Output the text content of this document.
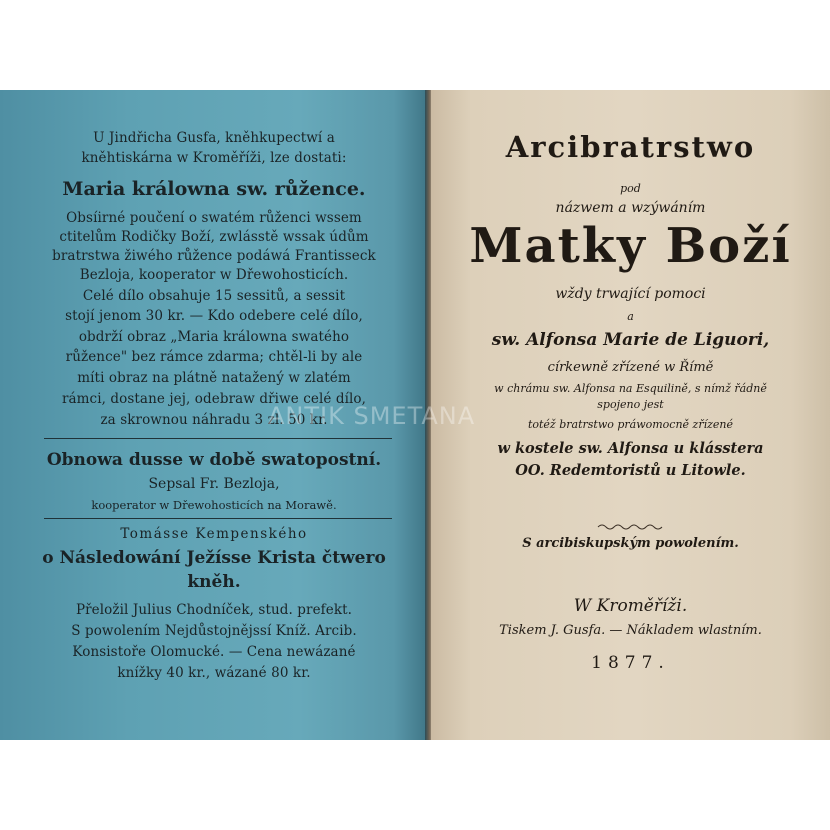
U Jindřicha Gusfa, kněhkupectwí a
kněhtiskárna w Kroměříži, lze dostati:
Maria králowna sw. růžence.
Obsíirné poučení o swatém růženci wssem
ctitelům Rodičky Boží, zwlásstě wssak údům
bratrstwa žiwého růžence podáwá Frantisseck
Bezloja, kooperator w Dřewohosticích.
Celé dílo obsahuje 15 sessitů, a sessit
stojí jenom 30 kr. — Kdo odebere celé dílo,
obdrží obraz „Maria králowna swatého
růžence" bez rámce zdarma; chtěl-li by ale
míti obraz na plátně natažený w zlatém
rámci, dostane jej, odebraw dřiwe celé dílo,
za skrownou náhradu 3 zl. 50 kr.
Obnowa dusse w době swatopostní.
Sepsal Fr. Bezloja,
kooperator w Dřewohosticích na Morawě.
Tomásse Kempenského
o Následowání Ježísse Krista čtwero
kněh.
Přeložil Julius Chodníček, stud. prefekt.
S powolením Nejdůstojnějssí Kníž. Arcib.
Konsistoře Olomucké. — Cena newázané
knížky 40 kr., wázané 80 kr.
Arcibratrstwo
pod
názwem a wzýwáním
Matky Boží
wždy trwající pomoci
a
sw. Alfonsa Marie de Liguori,
církewně zřízené w Římě
w chrámu sw. Alfonsa na Esquilině, s nímž řádně
spojeno jest
totéž bratrstwo práwomocně zřízené
w kostele sw. Alfonsa u klásstera
OO. Redemtoristů u Litowle.
S arcibiskupským powolením.
W Kroměříži.
Tiskem J. Gusfa. — Nákladem wlastním.
1877.
ANTIK SMETANA
